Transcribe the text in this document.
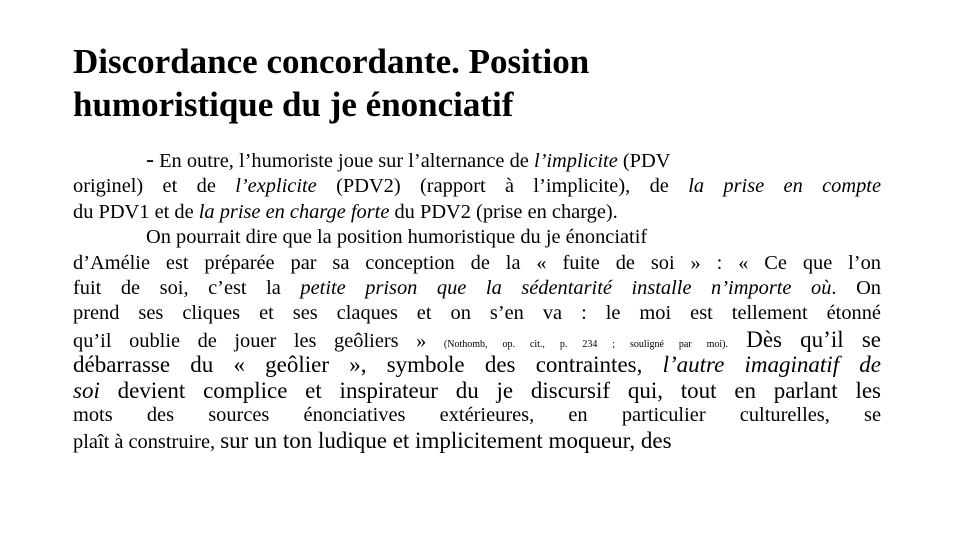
Discordance concordante. Position
humoristique du je énonciatif
- En outre, l’humoriste joue sur l’alternance de l’implicite (PDV
originel) et de l’explicite (PDV2) (rapport à l’implicite), de la prise en compte
du PDV1 et de la prise en charge forte du PDV2 (prise en charge).
On pourrait dire que la position humoristique du je énonciatif
d’Amélie est préparée par sa conception de la « fuite de soi » : « Ce que l’on
fuit de soi, c’est la petite prison que la sédentarité installe n’importe où. On
prend ses cliques et ses claques et on s’en va : le moi est tellement étonné
qu’il oublie de jouer les geôliers » (Nothomb, op. cit., p. 234 ; souligné par moi). Dès qu’il se
débarrasse du « geôlier », symbole des contraintes, l’autre imaginatif de
soi devient complice et inspirateur du je discursif qui, tout en parlant les
mots des sources énonciatives extérieures, en particulier culturelles, se
plaît à construire, sur un ton ludique et implicitement moqueur, des
